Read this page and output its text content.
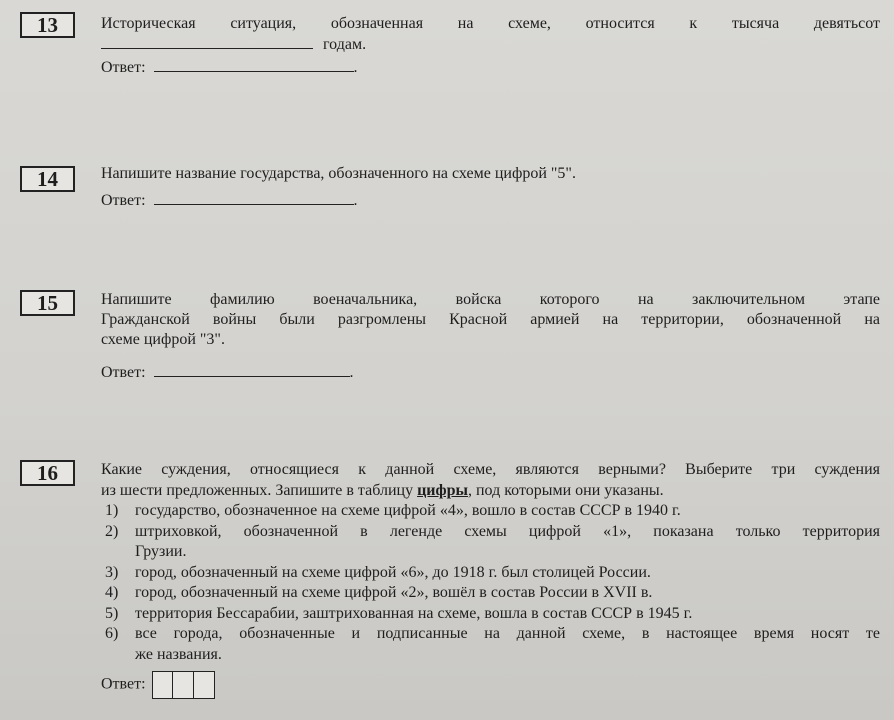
13	Историческая ситуация, обозначенная на схеме, относится к тысяча девятьсот
годам.
Ответ:	.
14	Напишите название государства, обозначенного на схеме цифрой "5".
Ответ:	.
15	Напишите фамилию военачальника, войска которого на заключительном этапе
Гражданской войны были разгромлены Красной армией на территории, обозначенной на
схеме цифрой "3".
Ответ:	.
16	Какие суждения, относящиеся к данной схеме, являются верными? Выберите три суждения
из шести предложенных. Запишите в таблицу цифры, под которыми они указаны.
1) государство, обозначенное на схеме цифрой «4», вошло в состав СССР в 1940 г.
2) штриховкой, обозначенной в легенде схемы цифрой «1», показана только территория
Грузии.
3) город, обозначенный на схеме цифрой «6», до 1918 г. был столицей России.
4) город, обозначенный на схеме цифрой «2», вошёл в состав России в XVII в.
5) территория Бессарабии, заштрихованная на схеме, вошла в состав СССР в 1945 г.
6) все города, обозначенные и подписанные на данной схеме, в настоящее время носят те
же названия.
Ответ:
